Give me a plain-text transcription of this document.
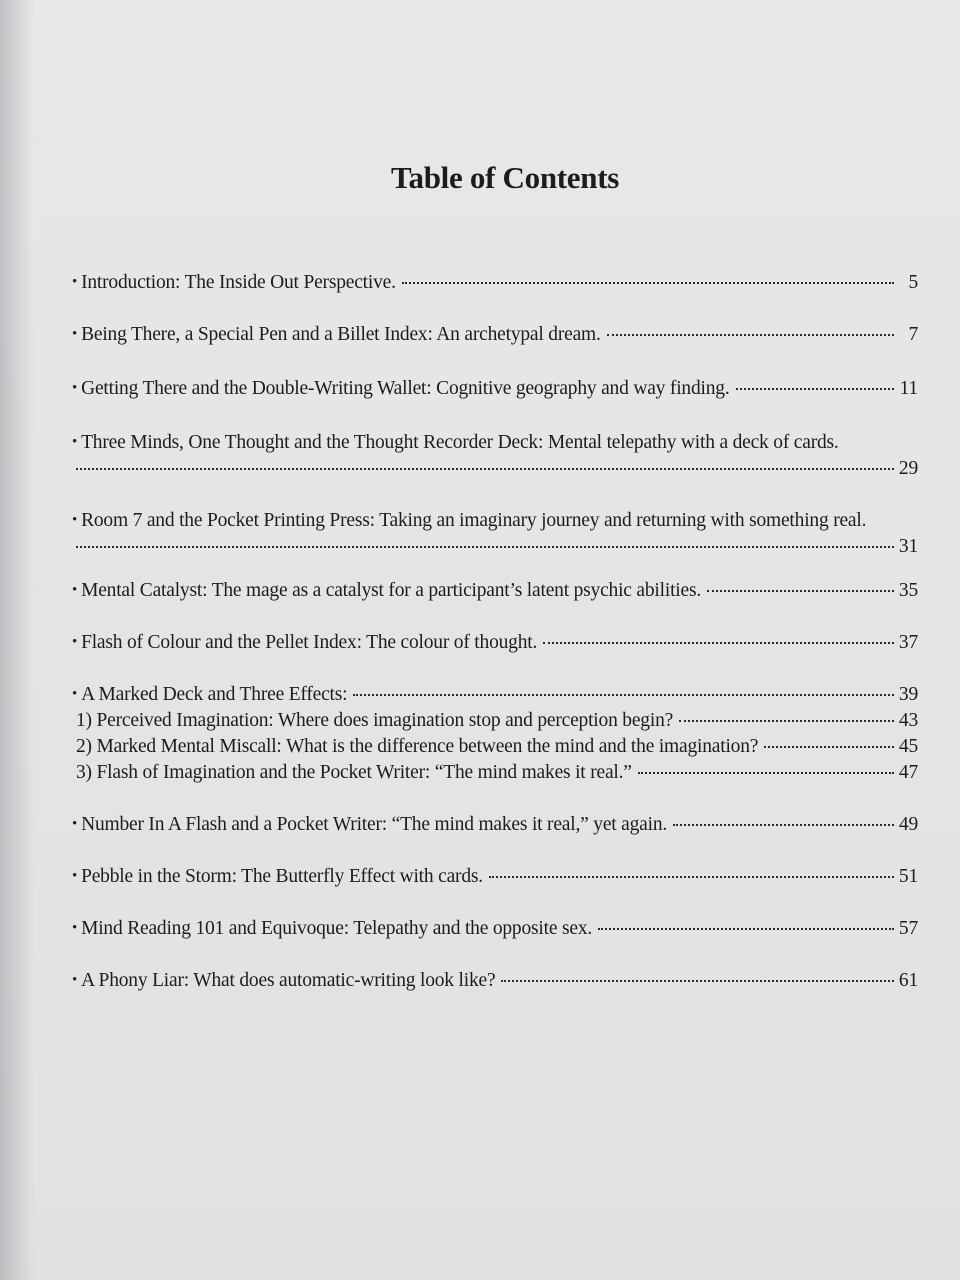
Table of Contents
• Introduction: The Inside Out Perspective.	5
• Being There, a Special Pen and a Billet Index: An archetypal dream.	7
• Getting There and the Double-Writing Wallet: Cognitive geography and way finding.	11
• Three Minds, One Thought and the Thought Recorder Deck: Mental telepathy with a deck of cards.
29
• Room 7 and the Pocket Printing Press: Taking an imaginary journey and returning with something real.
31
• Mental Catalyst: The mage as a catalyst for a participant’s latent psychic abilities.	35
• Flash of Colour and the Pellet Index: The colour of thought.	37
• A Marked Deck and Three Effects:	39
1) Perceived Imagination: Where does imagination stop and perception begin?	43
2) Marked Mental Miscall: What is the difference between the mind and the imagination?	45
3) Flash of Imagination and the Pocket Writer: “The mind makes it real.”	47
• Number In A Flash and a Pocket Writer: “The mind makes it real,” yet again.	49
• Pebble in the Storm: The Butterfly Effect with cards.	51
• Mind Reading 101 and Equivoque: Telepathy and the opposite sex.	57
• A Phony Liar: What does automatic-writing look like?	61
